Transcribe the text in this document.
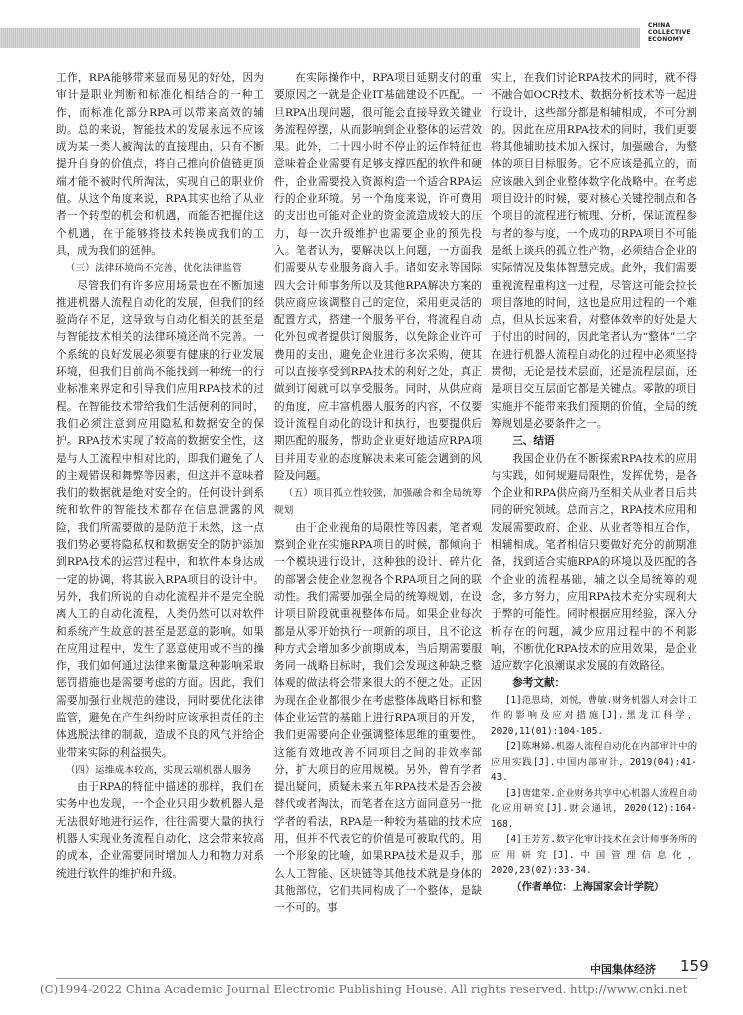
CHINA
COLLECTIVE
ECONOMY

工作，RPA能够带来显而易见的好处，因为审计是职业判断和标准化相结合的一种工作，而标准化部分RPA可以带来高效的辅助。总的来说，智能技术的发展永远不应该成为某一类人被淘汰的直接理由，只有不断提升自身的价值点，将自己推向价值链更顶端才能不被时代所淘汰，实现自己的职业价值。从这个角度来说，RPA其实也给了从业者一个转型的机会和机遇，而能否把握住这个机遇，在于能够将技术转换成我们的工具，成为我们的延伸。

（三）法律环境尚不完善，优化法律监管

尽管我们有许多应用场景也在不断加速推进机器人流程自动化的发展，但我们的经验尚存不足，这导致与自动化相关的甚至是与智能技术相关的法律环境还尚不完善。一个系统的良好发展必须要有健康的行业发展环境，但我们目前尚不能找到一种统一的行业标准来界定和引导我们应用RPA技术的过程。在智能技术带给我们生活便利的同时，我们必须注意到应用隐私和数据安全的保护。RPA技术实现了较高的数据安全性，这是与人工流程中相对比的，即我们避免了人的主观错误和舞弊等因素，但这并不意味着我们的数据就是绝对安全的。任何设计到系统和软件的智能技术都存在信息泄露的风险，我们所需要做的是防范于未然，这一点我们势必要将隐私权和数据安全的防护添加到RPA技术的运营过程中，和软件本身达成一定的协调，将其嵌入RPA项目的设计中。另外，我们所说的自动化流程并不是完全脱离人工的自动化流程，人类仍然可以对软件和系统产生故意的甚至是恶意的影响。如果在应用过程中，发生了恶意使用或不当的操作，我们如何通过法律来衡量这种影响采取惩罚措施也是需要考虑的方面。因此，我们需要加强行业规范的建设，同时要优化法律监管，避免在产生纠纷时应该承担责任的主体逃脱法律的制裁，造成不良的风气并给企业带来实际的利益损失。

（四）运维成本较高，实现云端机器人服务

由于RPA的特征中描述的那样，我们在实务中也发现，一个企业只用少数机器人是无法很好地进行运作，往往需要大量的执行机器人实现业务流程自动化，这会带来较高的成本，企业需要同时增加人力和物力对系统进行软件的维护和升级。

在实际操作中，RPA项目延期支付的重要原因之一就是企业IT基础建设不匹配。一旦RPA出现问题，很可能会直接导致关键业务流程停摆，从而影响到企业整体的运营效果。此外，二十四小时不停止的运作特征也意味着企业需要有足够支撑匹配的软件和硬件，企业需要投入资源构造一个适合RPA运行的企业环境。另一个角度来说，许可费用的支出也可能对企业的资金流造成较大的压力，每一次升级维护也需要企业的预先投入。笔者认为，要解决以上问题，一方面我们需要从专业服务商入手。诸如安永等国际四大会计师事务所以及其他RPA解决方案的供应商应该调整自己的定位，采用更灵活的配置方式，搭建一个服务平台，将流程自动化外包或者提供订阅服务，以免除企业许可费用的支出，避免企业进行多次采购，使其可以直接享受到RPA技术的利好之处，真正做到订阅就可以享受服务。同时，从供应商的角度，应丰富机器人服务的内容，不仅要设计流程自动化的设计和执行，也要提供后期匹配的服务，帮助企业更好地适应RPA项目并用专业的态度解决未来可能会遇到的风险及问题。

（五）项目孤立性较强，加强融合和全局统筹规划

由于企业视角的局限性等因素，笔者观察到企业在实施RPA项目的时候，都倾向于一个模块进行设计，这种独的设计、碎片化的部署会使企业忽视各个RPA项目之间的联动性。我们需要加强全局的统筹规划，在设计项目阶段就重视整体布局。如果企业每次都是从零开始执行一项新的项目，且不论这种方式会增加多少前期成本，当后期需要服务同一战略目标时，我们会发现这种缺乏整体观的做法将会带来很大的不便之处。正因为现在企业都很少在考虑整体战略目标和整体企业运营的基础上进行RPA项目的开发，我们更需要向企业强调整体思维的重要性。这能有效地改善不同项目之间的非效率部分，扩大项目的应用规模。另外，曾有学者提出疑问，质疑未来五年RPA技术是否会被替代或者淘汰，而笔者在这方面同意另一批学者的看法，RPA是一种较为基础的技术应用，但并不代表它的价值是可被取代的。用一个形象的比喻，如果RPA技术是双手，那么人工智能、区块链等其他技术就是身体的其他部位，它们共同构成了一个整体，是缺一不可的。事

实上，在我们讨论RPA技术的同时，就不得不融合如OCR技术、数据分析技术等一起进行设计，这些部分都是相辅相成，不可分割的。因此在应用RPA技术的同时，我们更要将其他辅助技术加入探讨，加强融合，为整体的项目目标服务。它不应该是孤立的，而应该融入到企业整体数字化战略中。在考虑项目设计的时候，要对核心关键控制点和各个项目的流程进行梳理、分析，保证流程参与者的参与度，一个成功的RPA项目不可能是纸上谈兵的孤立性产物，必须结合企业的实际情况及集体智慧完成。此外，我们需要重视流程重构这一过程，尽管这可能会拉长项目落地的时间，这也是应用过程的一个难点，但从长远来看，对整体效率的好处是大于付出的时间的，因此笔者认为“整体”二字在进行机器人流程自动化的过程中必须坚持贯彻，无论是技术层面，还是流程层面，还是项目交互层面它都是关键点。零散的项目实施并不能带来我们预期的价值，全局的统筹规划是必要条件之一。

三、结语

我国企业仍在不断探索RPA技术的应用与实践，如何规避局限性，发挥优势，是各个企业和RPA供应商乃至相关从业者日后共同的研究领域。总而言之，RPA技术应用和发展需要政府、企业、从业者等相互合作，相辅相成。笔者相信只要做好充分的前期准备，找到适合实施RPA的环境以及匹配的各个企业的流程基础，辅之以全局统筹的观念，多方努力，应用RPA技术充分实现利大于弊的可能性。同时根据应用经验，深入分析存在的问题，减少应用过程中的不利影响，不断优化RPA技术的应用效果，是企业适应数字化浪潮谋求发展的有效路径。

参考文献：

[1]范思琦，刘悦，曹敏.财务机器人对会计工作的影响及应对措施[J].黑龙江科学，2020,11(01):104-105.

[2]陈琳娣.机器人流程自动化在内部审计中的应用实践[J].中国内部审计，2019(04):41-43.

[3]唐建荣.企业财务共享中心机器人流程自动化应用研究[J].财会通讯，2020(12):164-168.

[4]王芳芳.数字化审计技术在会计师事务所的应用研究[J].中国管理信息化，2020,23(02):33-34.

（作者单位：上海国家会计学院）

中国集体经济 159
(C)1994-2022 China Academic Journal Electronic Publishing House. All rights reserved. http://www.cnki.net
